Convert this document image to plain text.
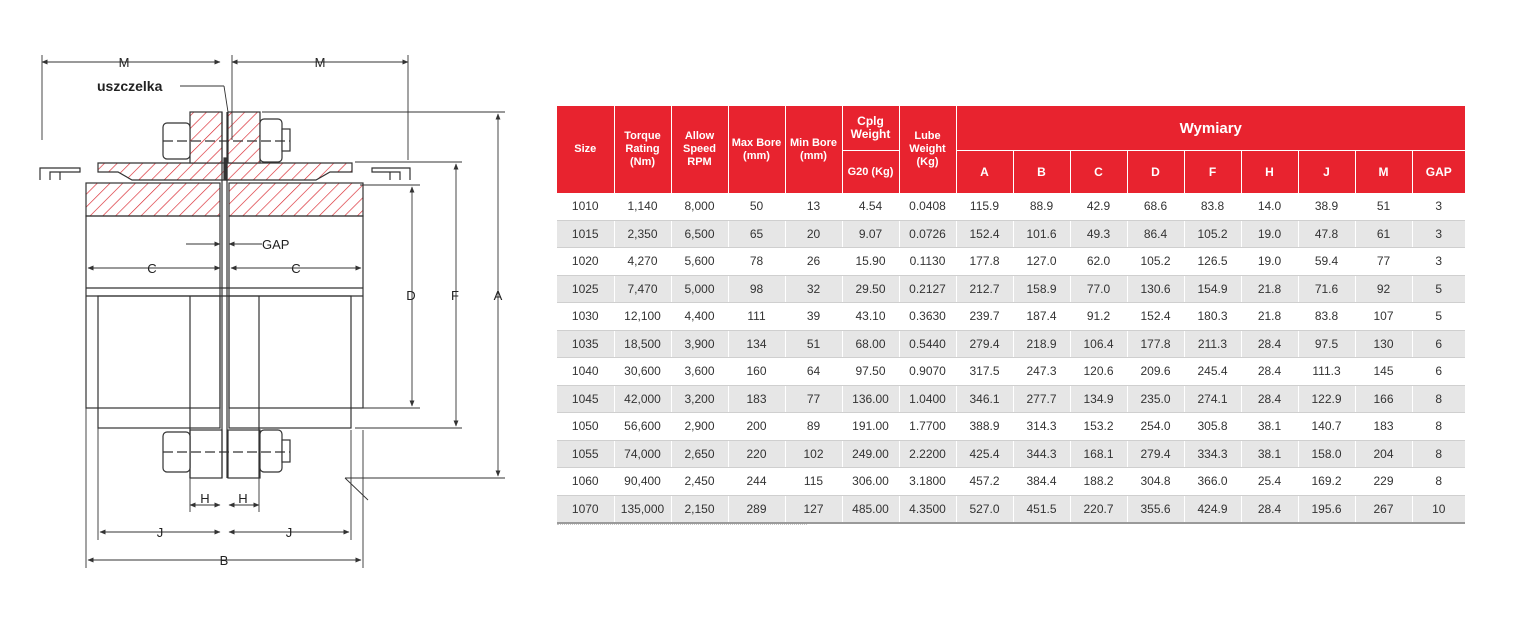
uszczelka
M	M
GAP
C	C
D	F	A
H H
J	J
B
Size	Torque Rating (Nm)	Allow Speed RPM	Max Bore (mm)	Min Bore (mm)	Cplg Weight	Lube Weight (Kg)	Wymiary								
					G20 (Kg)		A	B	C	D	F	H	J	M	GAP
1010	1,140	8,000	50	13	4.54	0.0408	115.9	88.9	42.9	68.6	83.8	14.0	38.9	51	3
1015	2,350	6,500	65	20	9.07	0.0726	152.4	101.6	49.3	86.4	105.2	19.0	47.8	61	3
1020	4,270	5,600	78	26	15.90	0.1130	177.8	127.0	62.0	105.2	126.5	19.0	59.4	77	3
1025	7,470	5,000	98	32	29.50	0.2127	212.7	158.9	77.0	130.6	154.9	21.8	71.6	92	5
1030	12,100	4,400	111	39	43.10	0.3630	239.7	187.4	91.2	152.4	180.3	21.8	83.8	107	5
1035	18,500	3,900	134	51	68.00	0.5440	279.4	218.9	106.4	177.8	211.3	28.4	97.5	130	6
1040	30,600	3,600	160	64	97.50	0.9070	317.5	247.3	120.6	209.6	245.4	28.4	111.3	145	6
1045	42,000	3,200	183	77	136.00	1.0400	346.1	277.7	134.9	235.0	274.1	28.4	122.9	166	8
1050	56,600	2,900	200	89	191.00	1.7700	388.9	314.3	153.2	254.0	305.8	38.1	140.7	183	8
1055	74,000	2,650	220	102	249.00	2.2200	425.4	344.3	168.1	279.4	334.3	38.1	158.0	204	8
1060	90,400	2,450	244	115	306.00	3.1800	457.2	384.4	188.2	304.8	366.0	25.4	169.2	229	8
1070	135,000	2,150	289	127	485.00	4.3500	527.0	451.5	220.7	355.6	424.9	28.4	195.6	267	10
